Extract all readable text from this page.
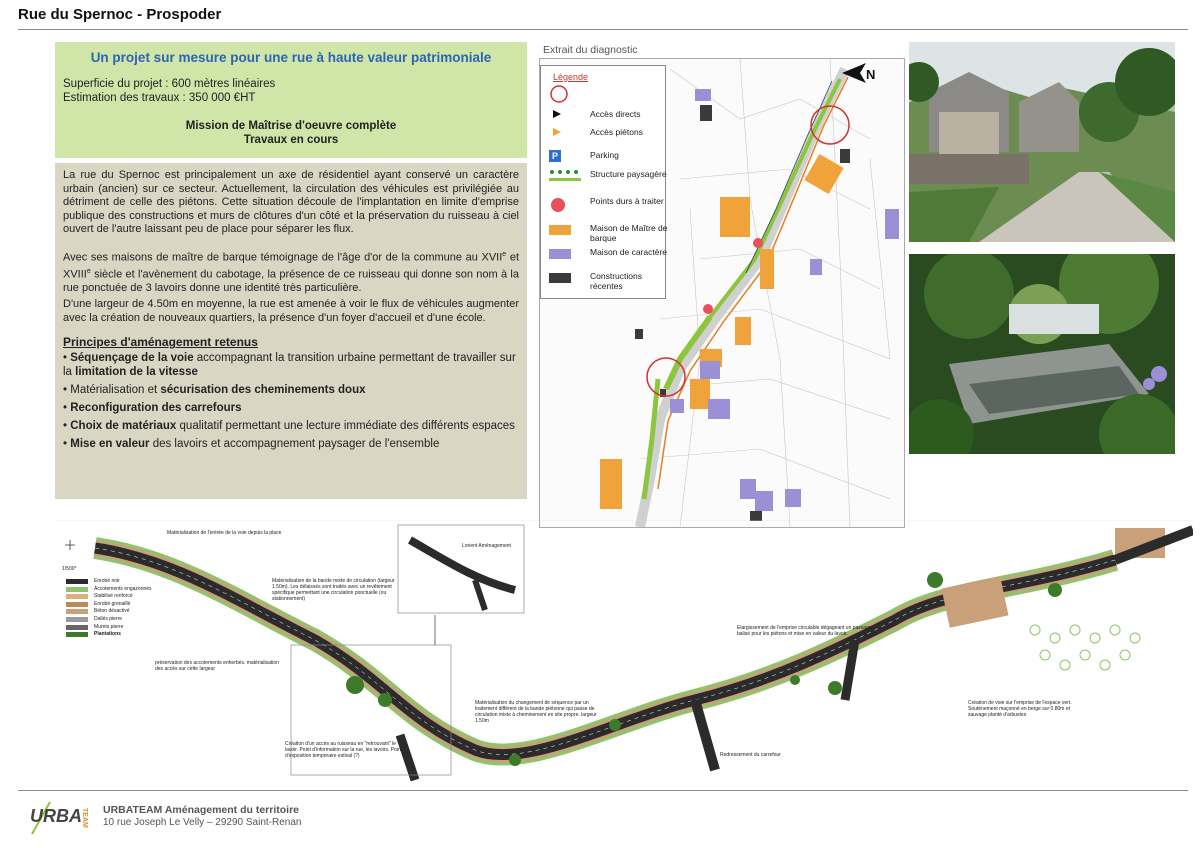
Rue du Spernoc - Prospoder
Un projet sur mesure pour une rue à haute valeur patrimoniale
Superficie du projet : 600 mètres linéaires
Estimation des travaux : 350 000 €HT
Mission de Maîtrise d'oeuvre complète
Travaux en cours
La rue du Spernoc est principalement un axe de résidentiel ayant conservé un caractère urbain (ancien) sur ce secteur. Actuellement, la circulation des véhicules est privilégiée au détriment de celle des piétons. Cette situation découle de l'implantation en limite d'emprise publique des constructions et murs de clôtures d'un côté et la préservation du ruisseau à ciel ouvert de l'autre laissant peu de place pour séparer les flux.
Avec ses maisons de maître de barque témoignage de l'âge d'or de la commune au XVIIe et XVIIIe siècle et l'avènement du cabotage, la présence de ce ruisseau qui donne son nom à la rue ponctuée de 3 lavoirs donne une identité très particulière.
D'une largeur de 4.50m en moyenne, la rue est amenée à voir le flux de véhicules augmenter avec la création de nouveaux quartiers, la présence d'un foyer d'accueil et d'une école.
Principes d'aménagement retenus
• Séquençage de la voie accompagnant la transition urbaine permettant de travailler sur la limitation de la vitesse
• Matérialisation et sécurisation des cheminements doux
• Reconfiguration des carrefours
• Choix de matériaux qualitatif permettant une lecture immédiate des différents espaces
• Mise en valeur des lavoirs et accompagnement paysager de l'ensemble
Extrait du diagnostic
N
Légende
Accès directs
Accès piétons
P	Parking
Structure paysagère
Points durs à traiter
Maison de Maître de barque
Maison de caractère
Constructions récentes
Enrobé noir
Accotements engazonnés
Stabilisé renforcé
Enrobé grenaillé
Béton désactivé
Dallés pierre
Murets pierre
Plantations
1/500°
Matérialisation de l'entrée de la voie depuis la place
Matérialisation de la bande mixte de circulation (largeur 1.50m). Les délaissés sont traités avec un revêtement spécifique permettant une circulation ponctuelle (ou stationnement)
préservation des accotements enherbés. matérialisation des accès sur cette largeur
Matérialisation du changement de séquence par un traitement différent de la bande piétonne qui passe de circulation mixte à cheminement en site propre. largeur 1.50m
Création d'un accès au ruisseau en "retrouvant" le lavoir. Point d'information sur la rue, les lavoirs. Point d'exposition temporaire estival (?)	Redressement du carrefour
Elargissement de l'emprise circulable dégageant un passage balisé pour les piétons et mise en valeur du lavoir.
Création de voie sur l'emprise de l'espace vert. Soutènement maçonné en berge sur 0.80m et sauvage planté d'arbustes
Lorient Aménagement
URBA TEAM URBATEAM Aménagement du territoire
10 rue Joseph Le Velly – 29290 Saint-Renan
